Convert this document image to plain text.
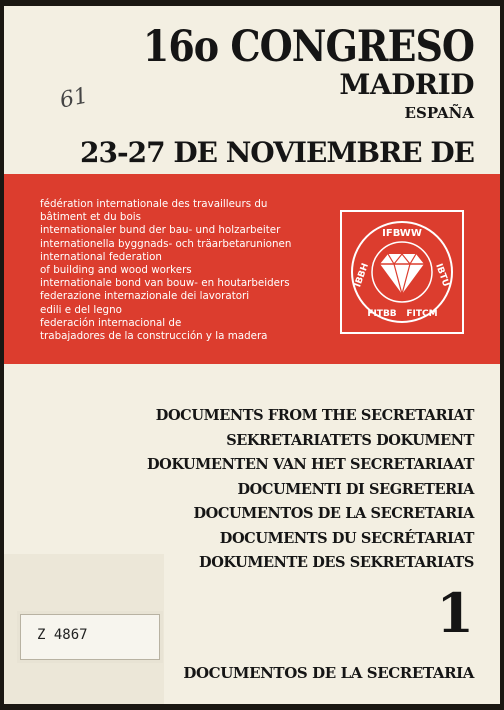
16o CONGRESO
MADRID
ESPAÑA
61
23-27 DE NOVIEMBRE DE
fédération internationale des travailleurs du
bâtiment et du bois
internationaler bund der bau- und holzarbeiter
internationella byggnads- och träarbetarunionen
international federation
of building and wood workers
internationale bond van bouw- en houtarbeiders
federazione internazionale dei lavoratori
edili e del legno
federación internacional de
trabajadores de la construcción y la madera
IFBWW
IBTU
FITCM
FITBB
IBBH
DOCUMENTS FROM THE SECRETARIAT
SEKRETARIATETS DOKUMENT
DOKUMENTEN VAN HET SECRETARIAAT
DOCUMENTI DI SEGRETERIA
DOCUMENTOS DE LA SECRETARIA
DOCUMENTS DU SECRÉTARIAT
DOKUMENTE DES SEKRETARIATS
1
Z 4867
DOCUMENTOS DE LA SECRETARIA
